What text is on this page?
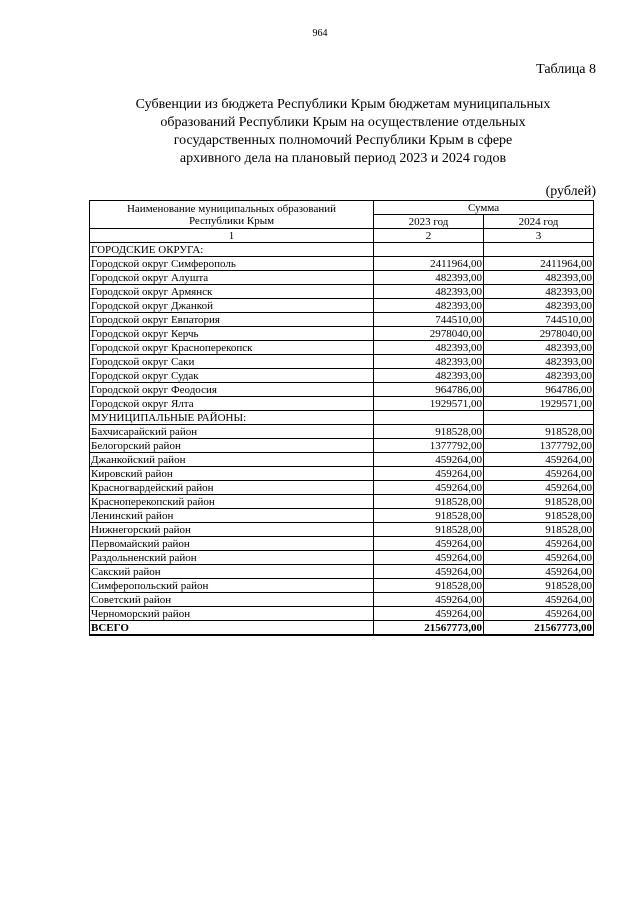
964
Таблица 8
Субвенции из бюджета Республики Крым бюджетам муниципальных
образований Республики Крым на осуществление отдельных
государственных полномочий Республики Крым в сфере
архивного дела на плановый период 2023 и 2024 годов
(рублей)
Наименование муниципальных образований
Республики Крым	Сумма	
	2023 год	2024 год
1	2	3
ГОРОДСКИЕ ОКРУГА:		
Городской округ Симферополь	2411964,00	2411964,00
Городской округ Алушта	482393,00	482393,00
Городской округ Армянск	482393,00	482393,00
Городской округ Джанкой	482393,00	482393,00
Городской округ Евпатория	744510,00	744510,00
Городской округ Керчь	2978040,00	2978040,00
Городской округ Красноперекопск	482393,00	482393,00
Городской округ Саки	482393,00	482393,00
Городской округ Судак	482393,00	482393,00
Городской округ Феодосия	964786,00	964786,00
Городской округ Ялта	1929571,00	1929571,00
МУНИЦИПАЛЬНЫЕ РАЙОНЫ:		
Бахчисарайский район	918528,00	918528,00
Белогорский район	1377792,00	1377792,00
Джанкойский район	459264,00	459264,00
Кировский район	459264,00	459264,00
Красногвардейский район	459264,00	459264,00
Красноперекопский район	918528,00	918528,00
Ленинский район	918528,00	918528,00
Нижнегорский район	918528,00	918528,00
Первомайский район	459264,00	459264,00
Раздольненский район	459264,00	459264,00
Сакский район	459264,00	459264,00
Симферопольский район	918528,00	918528,00
Советский район	459264,00	459264,00
Черноморский район	459264,00	459264,00
ВСЕГО	21567773,00	21567773,00
